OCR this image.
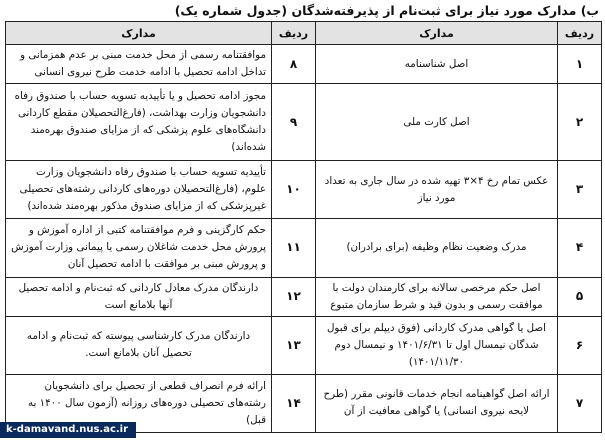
ب) مدارک مورد نیاز برای ثبت‌نام از پذیرفته‌شدگان (جدول شماره یک)
ردیف	مدارک	ردیف	مدارک
۱	اصل شناسنامه	۸	موافقتنامه رسمی از محل خدمت مبنی بر عدم همزمانی و تداخل ادامه تحصیل با ادامه خدمت طرح نیروی انسانی
۲	اصل کارت ملی	۹	مجوز ادامه تحصیل و یا تأییدیه تسویه حساب با صندوق رفاه دانشجویان وزارت بهداشت، (فارغ‌التحصیلان مقطع کاردانی دانشگاه‌های علوم پزشکی که از مزایای صندوق بهره‌مند شده‌اند)
۳	عکس تمام رخ ۴×۳ تهیه شده در سال جاری به تعداد مورد نیاز	۱۰	تأییدیه تسویه حساب با صندوق رفاه دانشجویان وزارت علوم، (فارغ‌التحصیلان دوره‌های کاردانی رشته‌های تحصیلی غیرپزشکی که از مزایای صندوق مذکور بهره‌مند شده‌اند)
۴	مدرک وضعیت نظام وظیفه (برای برادران)	۱۱	حکم کارگزینی و فرم موافقتنامه کتبی از اداره آموزش و پرورش محل خدمت شاغلان رسمی یا پیمانی وزارت آموزش و پرورش مبنی بر موافقت با ادامه تحصیل آنان
۵	اصل حکم مرخصی سالانه برای کارمندان دولت با موافقت رسمی و بدون قید و شرط سازمان متبوع	۱۲	دارندگان مدرک معادل کاردانی که ثبت‌نام و ادامه تحصیل آنها بلامانع است
۶	اصل یا گواهی مدرک کاردانی (فوق دیپلم برای قبول شدگان نیمسال اول تا ۱۴۰۱/۶/۳۱ و نیمسال دوم ۱۴۰۱/۱۱/۳۰)	۱۳	دارندگان مدرک کارشناسی پیوسته که ثبت‌نام و ادامه تحصیل آنان بلامانع است.
۷	ارائه اصل گواهینامه انجام خدمات قانونی مقرر (طرح لایحه نیروی انسانی) یا گواهی معافیت از آن	۱۴	ارائه فرم انصراف قطعی از تحصیل برای دانشجویان رشته‌های تحصیلی دوره‌های روزانه (آزمون سال ۱۴۰۰ به قبل)
k-damavand.nus.ac.ir
